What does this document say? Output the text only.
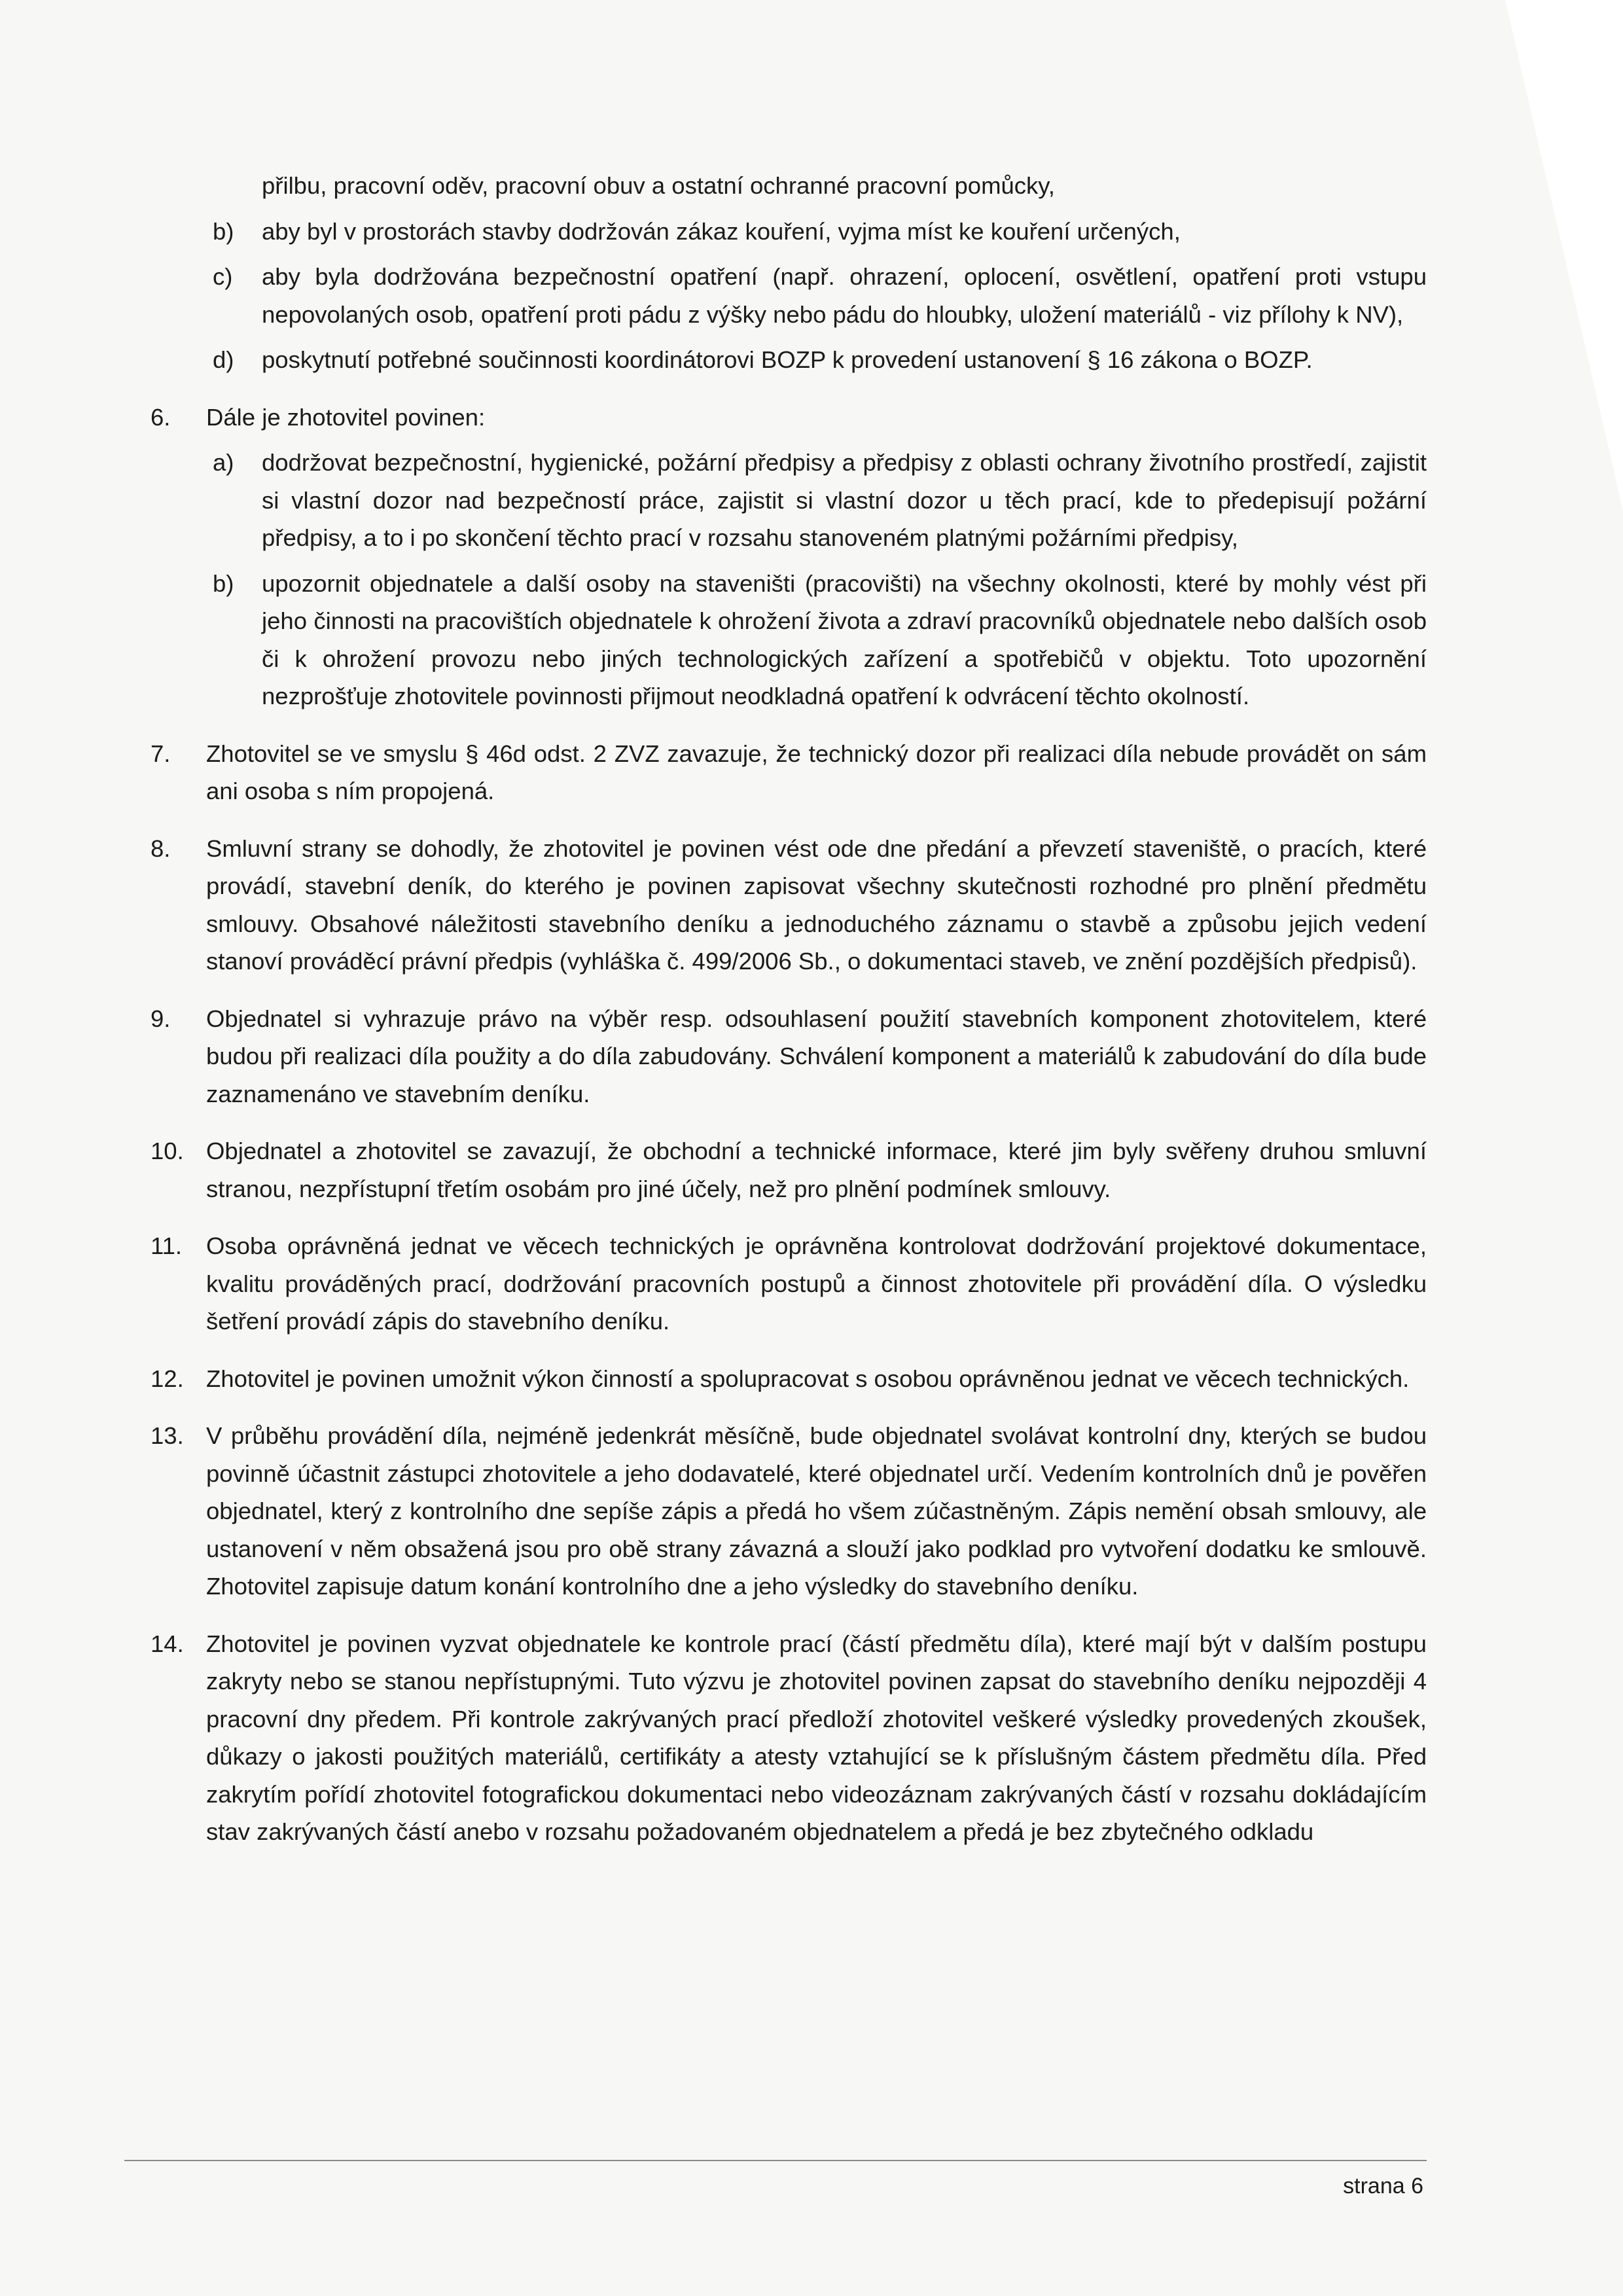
přilbu, pracovní oděv, pracovní obuv a ostatní ochranné pracovní pomůcky,
b)	aby byl v prostorách stavby dodržován zákaz kouření, vyjma míst ke kouření určených,
c)	aby byla dodržována bezpečnostní opatření (např. ohrazení, oplocení, osvětlení, opatření proti vstupu nepovolaných osob, opatření proti pádu z výšky nebo pádu do hloubky, uložení materiálů - viz přílohy k NV),
d)	poskytnutí potřebné součinnosti koordinátorovi BOZP k provedení ustanovení § 16 zákona o BOZP.
6.	Dále je zhotovitel povinen:
a)	dodržovat bezpečnostní, hygienické, požární předpisy a předpisy z oblasti ochrany životního prostředí, zajistit si vlastní dozor nad bezpečností práce, zajistit si vlastní dozor u těch prací, kde to předepisují požární předpisy, a to i po skončení těchto prací v rozsahu stanoveném platnými požárními předpisy,
b)	upozornit objednatele a další osoby na staveništi (pracovišti) na všechny okolnosti, které by mohly vést při jeho činnosti na pracovištích objednatele k ohrožení života a zdraví pracovníků objednatele nebo dalších osob či k ohrožení provozu nebo jiných technologických zařízení a spotřebičů v objektu. Toto upozornění nezprošťuje zhotovitele povinnosti přijmout neodkladná opatření k odvrácení těchto okolností.
7.	Zhotovitel se ve smyslu § 46d odst. 2 ZVZ zavazuje, že technický dozor při realizaci díla nebude provádět on sám ani osoba s ním propojená.
8.	Smluvní strany se dohodly, že zhotovitel je povinen vést ode dne předání a převzetí staveniště, o pracích, které provádí, stavební deník, do kterého je povinen zapisovat všechny skutečnosti rozhodné pro plnění předmětu smlouvy. Obsahové náležitosti stavebního deníku a jednoduchého záznamu o stavbě a způsobu jejich vedení stanoví prováděcí právní předpis (vyhláška č. 499/2006 Sb., o dokumentaci staveb, ve znění pozdějších předpisů).
9.	Objednatel si vyhrazuje právo na výběr resp. odsouhlasení použití stavebních komponent zhotovitelem, které budou při realizaci díla použity a do díla zabudovány. Schválení komponent a materiálů k zabudování do díla bude zaznamenáno ve stavebním deníku.
10. Objednatel a zhotovitel se zavazují, že obchodní a technické informace, které jim byly svěřeny druhou smluvní stranou, nezpřístupní třetím osobám pro jiné účely, než pro plnění podmínek smlouvy.
11.	Osoba oprávněná jednat ve věcech technických je oprávněna kontrolovat dodržování projektové dokumentace, kvalitu prováděných prací, dodržování pracovních postupů a činnost zhotovitele při provádění díla. O výsledku šetření provádí zápis do stavebního deníku.
12. Zhotovitel je povinen umožnit výkon činností a spolupracovat s osobou oprávněnou jednat ve věcech technických.
13. V průběhu provádění díla, nejméně jedenkrát měsíčně, bude objednatel svolávat kontrolní dny, kterých se budou povinně účastnit zástupci zhotovitele a jeho dodavatelé, které objednatel určí. Vedením kontrolních dnů je pověřen objednatel, který z kontrolního dne sepíše zápis a předá ho všem zúčastněným. Zápis nemění obsah smlouvy, ale ustanovení v něm obsažená jsou pro obě strany závazná a slouží jako podklad pro vytvoření dodatku ke smlouvě. Zhotovitel zapisuje datum konání kontrolního dne a jeho výsledky do stavebního deníku.
14. Zhotovitel je povinen vyzvat objednatele ke kontrole prací (částí předmětu díla), které mají být v dalším postupu zakryty nebo se stanou nepřístupnými. Tuto výzvu je zhotovitel povinen zapsat do stavebního deníku nejpozději 4 pracovní dny předem. Při kontrole zakrývaných prací předloží zhotovitel veškeré výsledky provedených zkoušek, důkazy o jakosti použitých materiálů, certifikáty a atesty vztahující se k příslušným částem předmětu díla. Před zakrytím pořídí zhotovitel fotografickou dokumentaci nebo videozáznam zakrývaných částí v rozsahu dokládajícím stav zakrývaných částí anebo v rozsahu požadovaném objednatelem a předá je bez zbytečného odkladu
strana 6
